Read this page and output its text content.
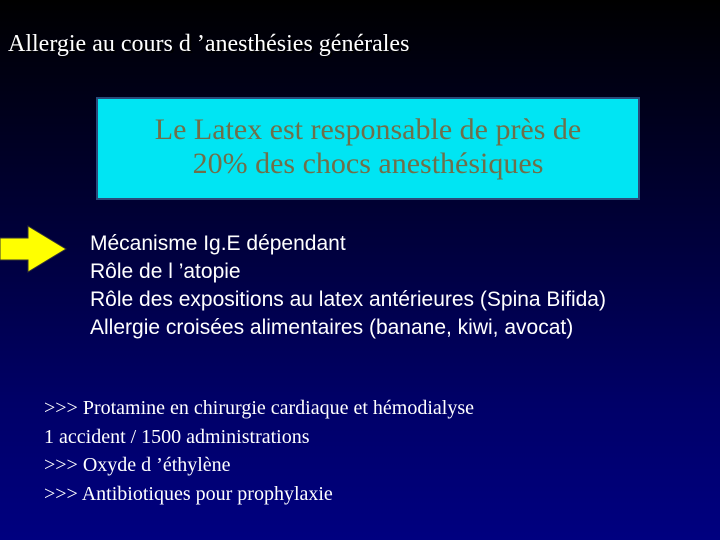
Allergie au cours d ’anesthésies générales
Le Latex est responsable de près de
20% des chocs anesthésiques
Mécanisme Ig.E dépendant
Rôle de l ’atopie
Rôle des expositions au latex antérieures (Spina Bifida)
Allergie croisées alimentaires (banane, kiwi, avocat)
>>> Protamine en chirurgie cardiaque et hémodialyse
1 accident / 1500 administrations
>>> Oxyde d ’éthylène
>>> Antibiotiques pour prophylaxie
